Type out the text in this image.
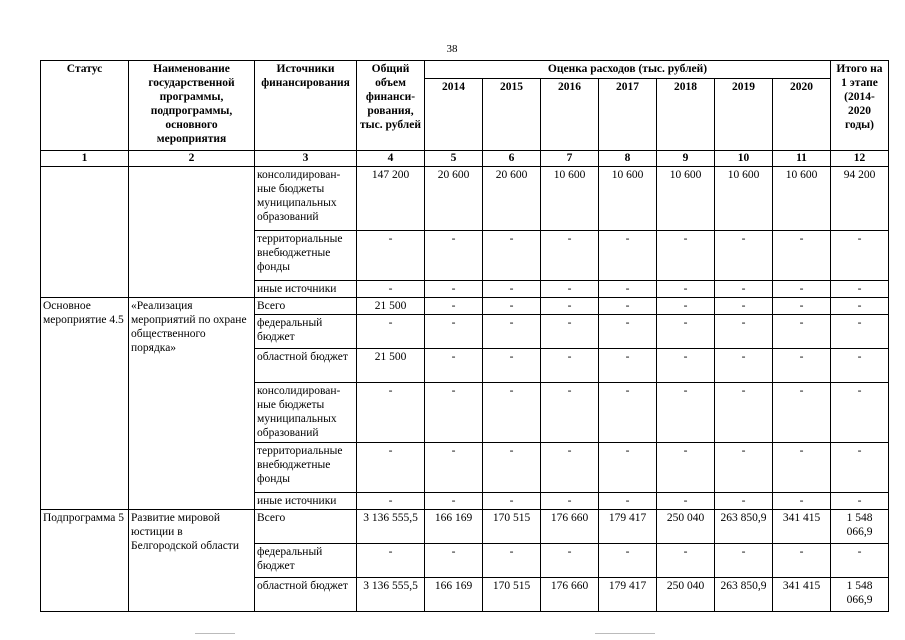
38
Статус	Наименование государственной программы, подпрограммы, основного мероприятия	Источники финансирования	Общий объем финанси-рования, тыс. рублей	Оценка расходов (тыс. рублей)							Итого на 1 этапе (2014-2020 годы)
				2014	2015	2016	2017	2018	2019	2020	
1	2	3	4	5	6	7	8	9	10	11	12
		консолидирован-ные бюджеты муниципальных образований	147 200	20 600	20 600	10 600	10 600	10 600	10 600	10 600	94 200
		территориальные внебюджетные фонды	-	-	-	-	-	-	-	-	-
		иные источники	-	-	-	-	-	-	-	-	-
Основное мероприятие 4.5	«Реализация мероприятий по охране общественного порядка»	Всего	21 500	-	-	-	-	-	-	-	-
		федеральный бюджет	-	-	-	-	-	-	-	-	-
		областной бюджет	21 500	-	-	-	-	-	-	-	-
		консолидирован-ные бюджеты муниципальных образований	-	-	-	-	-	-	-	-	-
		территориальные внебюджетные фонды	-	-	-	-	-	-	-	-	-
		иные источники	-	-	-	-	-	-	-	-	-
Подпрограмма 5	Развитие мировой юстиции в Белгородской области	Всего	3 136 555,5	166 169	170 515	176 660	179 417	250 040	263 850,9	341 415	1 548 066,9
		федеральный бюджет	-	-	-	-	-	-	-	-	-
		областной бюджет	3 136 555,5	166 169	170 515	176 660	179 417	250 040	263 850,9	341 415	1 548 066,9
